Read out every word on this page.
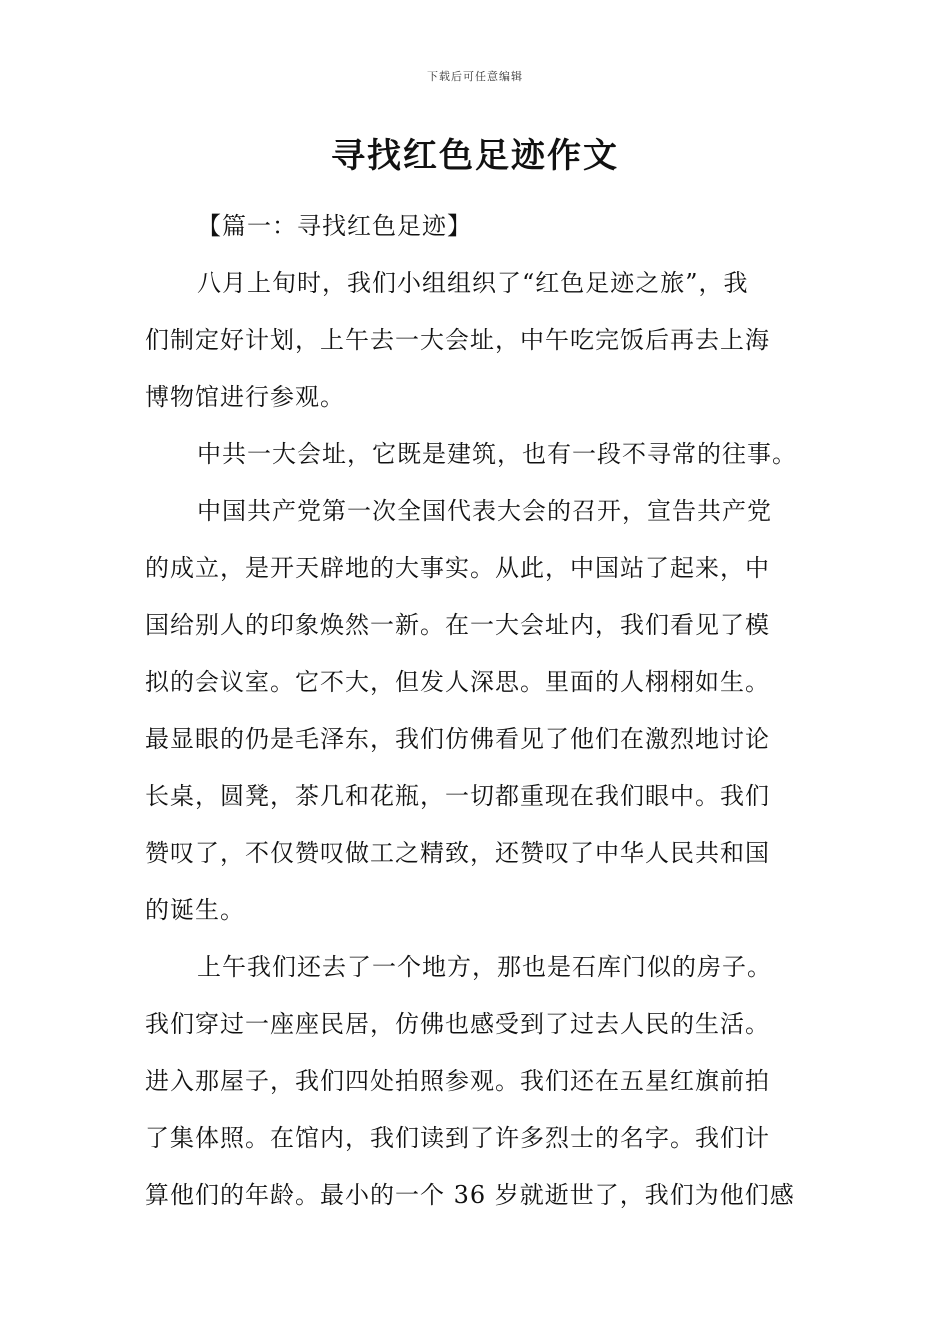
下载后可任意编辑
寻找红色足迹作文

【篇一：寻找红色足迹】

八月上旬时，我们小组组织了“红色足迹之旅”，我
们制定好计划，上午去一大会址，中午吃完饭后再去上海
博物馆进行参观。
中共一大会址，它既是建筑，也有一段不寻常的往事。
中国共产党第一次全国代表大会的召开，宣告共产党
的成立，是开天辟地的大事实。从此，中国站了起来，中
国给别人的印象焕然一新。在一大会址内，我们看见了模
拟的会议室。它不大，但发人深思。里面的人栩栩如生。
最显眼的仍是毛泽东，我们仿佛看见了他们在激烈地讨论
长桌，圆凳，茶几和花瓶，一切都重现在我们眼中。我们
赞叹了，不仅赞叹做工之精致，还赞叹了中华人民共和国
的诞生。
上午我们还去了一个地方，那也是石库门似的房子。
我们穿过一座座民居，仿佛也感受到了过去人民的生活。
进入那屋子，我们四处拍照参观。我们还在五星红旗前拍
了集体照。在馆内，我们读到了许多烈士的名字。我们计
算他们的年龄。最小的一个 36 岁就逝世了，我们为他们感
